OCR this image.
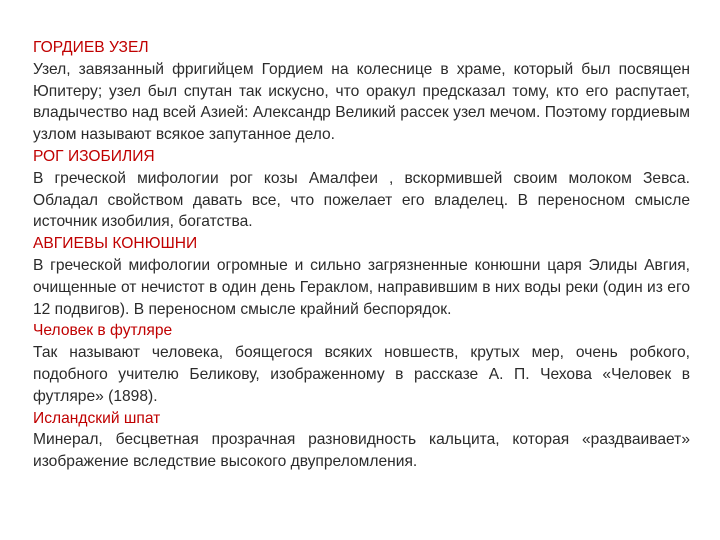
ГОРДИЕВ УЗЕЛ
Узел, завязанный фригийцем Гордием на колеснице в храме, который был посвящен Юпитеру; узел был спутан так искусно, что оракул предсказал тому, кто его распутает, владычество над всей Азией: Александр Великий рассек узел мечом. Поэтому гордиевым узлом называют всякое запутанное дело.
РОГ ИЗОБИЛИЯ
В греческой мифологии рог козы Амалфеи , вскормившей своим молоком Зевса. Обладал свойством давать все, что пожелает его владелец. В переносном смысле источник изобилия, богатства.
АВГИЕВЫ КОНЮШНИ
В греческой мифологии огромные и сильно загрязненные конюшни царя Элиды Авгия, очищенные от нечистот в один день Гераклом, направившим в них воды реки (один из его 12 подвигов). В переносном смысле крайний беспорядок.
Человек в футляре
Так называют человека, боящегося всяких новшеств, крутых мер, очень робкого, подобного учителю Беликову, изображенному в рассказе А. П. Чехова «Человек в футляре» (1898).
Исландский шпат
Минерал, бесцветная прозрачная разновидность кальцита, которая «раздваивает» изображение вследствие высокого двупреломления.
